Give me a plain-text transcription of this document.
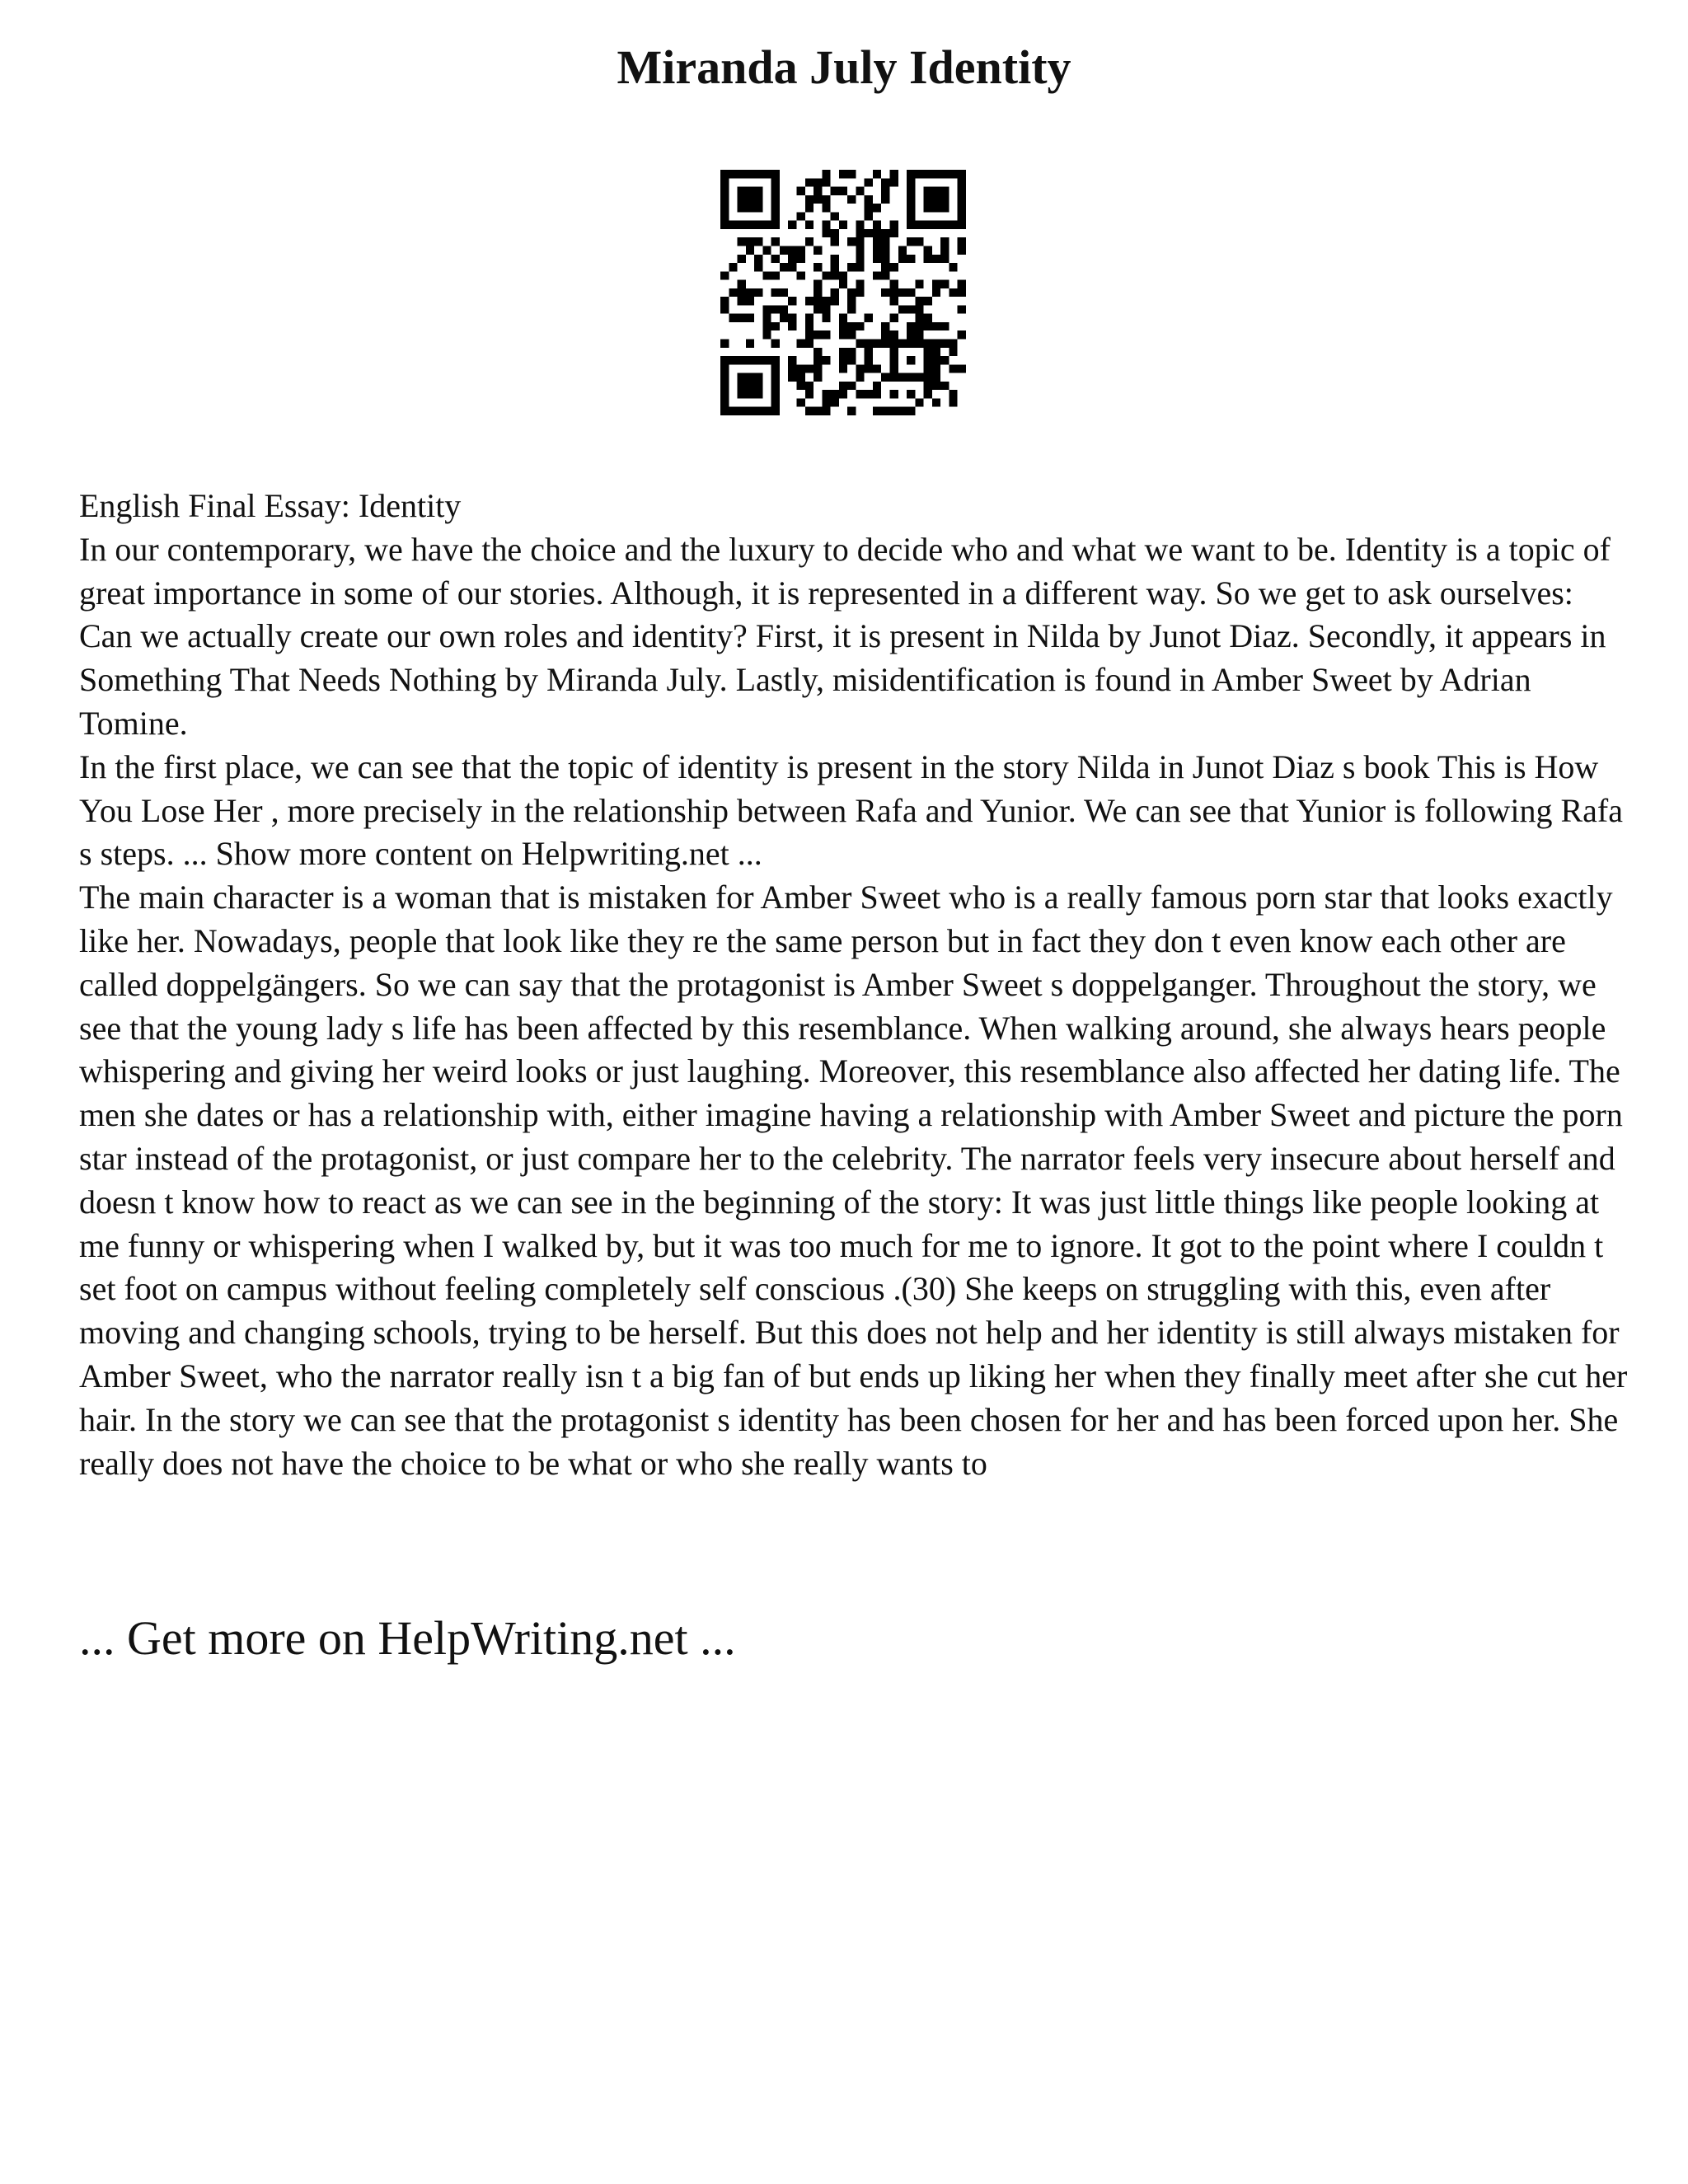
Miranda July Identity

English Final Essay: Identity

In our contemporary, we have the choice and the luxury to decide who and what we want to be. Identity is a topic of great importance in some of our stories. Although, it is represented in a different way. So we get to ask ourselves: Can we actually create our own roles and identity? First, it is present in Nilda by Junot Diaz. Secondly, it appears in Something That Needs Nothing by Miranda July. Lastly, misidentification is found in Amber Sweet by Adrian Tomine.

In the first place, we can see that the topic of identity is present in the story Nilda in Junot Diaz s book This is How You Lose Her , more precisely in the relationship between Rafa and Yunior. We can see that Yunior is following Rafa s steps. ... Show more content on Helpwriting.net ...

The main character is a woman that is mistaken for Amber Sweet who is a really famous porn star that looks exactly like her. Nowadays, people that look like they re the same person but in fact they don t even know each other are called doppelgängers. So we can say that the protagonist is Amber Sweet s doppelganger. Throughout the story, we see that the young lady s life has been affected by this resemblance. When walking around, she always hears people whispering and giving her weird looks or just laughing. Moreover, this resemblance also affected her dating life. The men she dates or has a relationship with, either imagine having a relationship with Amber Sweet and picture the porn star instead of the protagonist, or just compare her to the celebrity. The narrator feels very insecure about herself and doesn t know how to react as we can see in the beginning of the story: It was just little things like people looking at me funny or whispering when I walked by, but it was too much for me to ignore. It got to the point where I couldn t set foot on campus without feeling completely self conscious .(30) She keeps on struggling with this, even after moving and changing schools, trying to be herself. But this does not help and her identity is still always mistaken for Amber Sweet, who the narrator really isn t a big fan of but ends up liking her when they finally meet after she cut her hair. In the story we can see that the protagonist s identity has been chosen for her and has been forced upon her. She really does not have the choice to be what or who she really wants to

... Get more on HelpWriting.net ...
